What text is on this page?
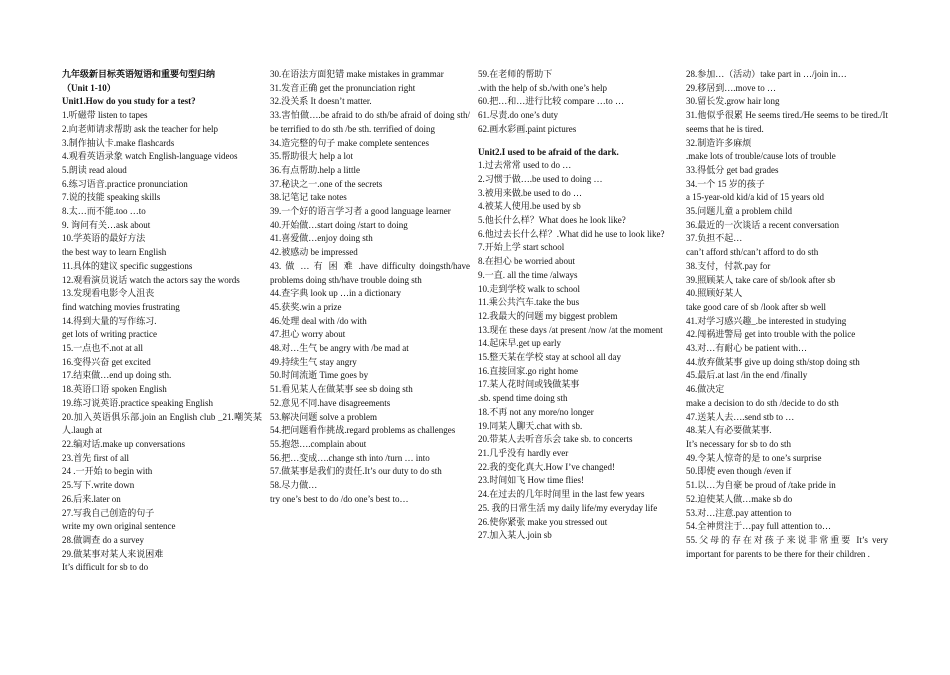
九年级新目标英语短语和重要句型归纳
（Unit 1-10）
Unit1.How do you study for a test?
1.听磁带 listen to tapes
2.向老师请求帮助 ask the teacher for help
3.制作抽认卡.make flashcards
4.观看英语录象 watch English-language videos
5.朗读 read aloud
6.练习语音.practice pronunciation
7.说的技能 speaking skills
8.太…而不能.too …to
9. 询问有关…ask about
10.学英语的最好方法
the best way to learn English
11.具体的建议 specific suggestions
12.观看演员说话 watch the actors say the words
13.发现看电影令人沮丧
find watching movies frustrating
14.得到大量的写作练习.
get lots of writing practice
15.一点也不.not at all
16.变得兴奋 get excited
17.结束做…end up doing sth.
18.英语口语 spoken English
19.练习说英语.practice speaking English
20.加入英语俱乐部.join an English club _21.嘲笑某人.laugh at
22.编对话.make up conversations
23.首先 first of all
24 .一开始 to begin with
25.写下.write down
26.后来.later on
27.写我自己创造的句子
write my own original sentence
28.做调查 do a survey
29.做某事对某人来说困难
It’s difficult for sb to do
30.在语法方面犯错 make mistakes in grammar
31.发音正确 get the pronunciation right
32.没关系 It doesn’t matter.
33.害怕做….be afraid to do sth/be afraid of doing sth/ be terrified to do sth /be sth. terrified of doing
34.造完整的句子 make complete sentences
35.帮助很大 help a lot
36.有点帮助.help a little
37.秘诀之一.one of the secrets
38.记笔记 take notes
39.一个好的语言学习者 a good language learner
40.开始做…start doing /start to doing
41.喜爱做…enjoy doing sth
42.被感动 be impressed
43. 做 … 有 困 难 .have difficulty doingsth/have problems doing sth/have trouble doing sth
44.查字典 look up …in a dictionary
45.获奖.win a prize
46.处理 deal with /do with
47.担心 worry about
48.对…生气 be angry with /be mad at
49.持续生气 stay angry
50.时间流逝 Time goes by
51.看见某人在做某事 see sb doing sth
52.意见不同.have disagreements
53.解决问题 solve a problem
54.把问题看作挑战.regard problems as challenges
55.抱怨….complain about
56.把…变成….change sth into /turn … into
57.做某事是我们的责任.It’s our duty to do sth
58.尽力做…
try one’s best to do /do one’s best to…
59.在老师的帮助下
.with the help of sb./with one’s help
60.把…和…进行比较 compare …to …
61.尽责.do one’s duty
62.画水彩画.paint pictures
Unit2.I used to be afraid of the dark.
1.过去常常 used to do …
2.习惯于做….be used to doing …
3.被用来做.be used to do …
4.被某人使用.be used by sb
5.他长什么样？What does he look like?
6.他过去长什么样？.What did he use to look like?
7.开始上学 start school
8.在担心 be worried about
9.一直. all the time /always
10.走到学校 walk to school
11.乘公共汽车.take the bus
12.我最大的问题 my biggest problem
13.现在 these days /at present /now /at the moment
14.起床早.get up early
15.整天某在学校 stay at school all day
16.直接回家.go right home
17.某人花时间或钱做某事
.sb. spend time doing sth
18.不再 not any more/no longer
19.同某人聊天.chat with sb.
20.带某人去听音乐会 take sb. to concerts
21.几乎没有 hardly ever
22.我的变化真大.How I’ve changed!
23.时间如飞 How time flies!
24.在过去的几年时间里 in the last few years
25. 我的日常生活 my daily life/my everyday life
26.使你紧张 make you stressed out
27.加入某人.join sb
28.参加…（活动）take part in …/join in…
29.移居到….move to …
30.留长发.grow hair long
31.他似乎很累 He seems tired./He seems to be tired./It seems that he is tired.
32.制造许多麻烦
.make lots of trouble/cause lots of trouble
33.得低分 get bad grades
34.一个 15 岁的孩子
a 15-year-old kid/a kid of 15 years old
35.问题儿童 a problem child
36.最近的一次谈话 a recent conversation
37.负担不起…
can’t afford sth/can’t afford to do sth
38.支付，付款.pay for
39.照顾某人 take care of sb/look after sb
40.照顾好某人
take good care of sb /look after sb well
41.对学习感兴趣_.be interested in studying
42.闯祸进警局 get into trouble with the police
43.对…有耐心 be patient with…
44.放弃做某事 give up doing sth/stop doing sth
45.最后.at last /in the end /finally
46.做决定
make a decision to do sth /decide to do sth
47.送某人去….send stb to …
48.某人有必要做某事.
It’s necessary for sb to do sth
49.令某人惊奇的是 to one’s surprise
50.即使 even though /even if
51.以…为自豪 be proud of /take pride in
52.迫使某人做…make sb do
53.对…注意.pay attention to
54.全神贯注于…pay full attention to…
55.父母的存在对孩子来说非常重要 It’s very important for parents to be there for their children .
